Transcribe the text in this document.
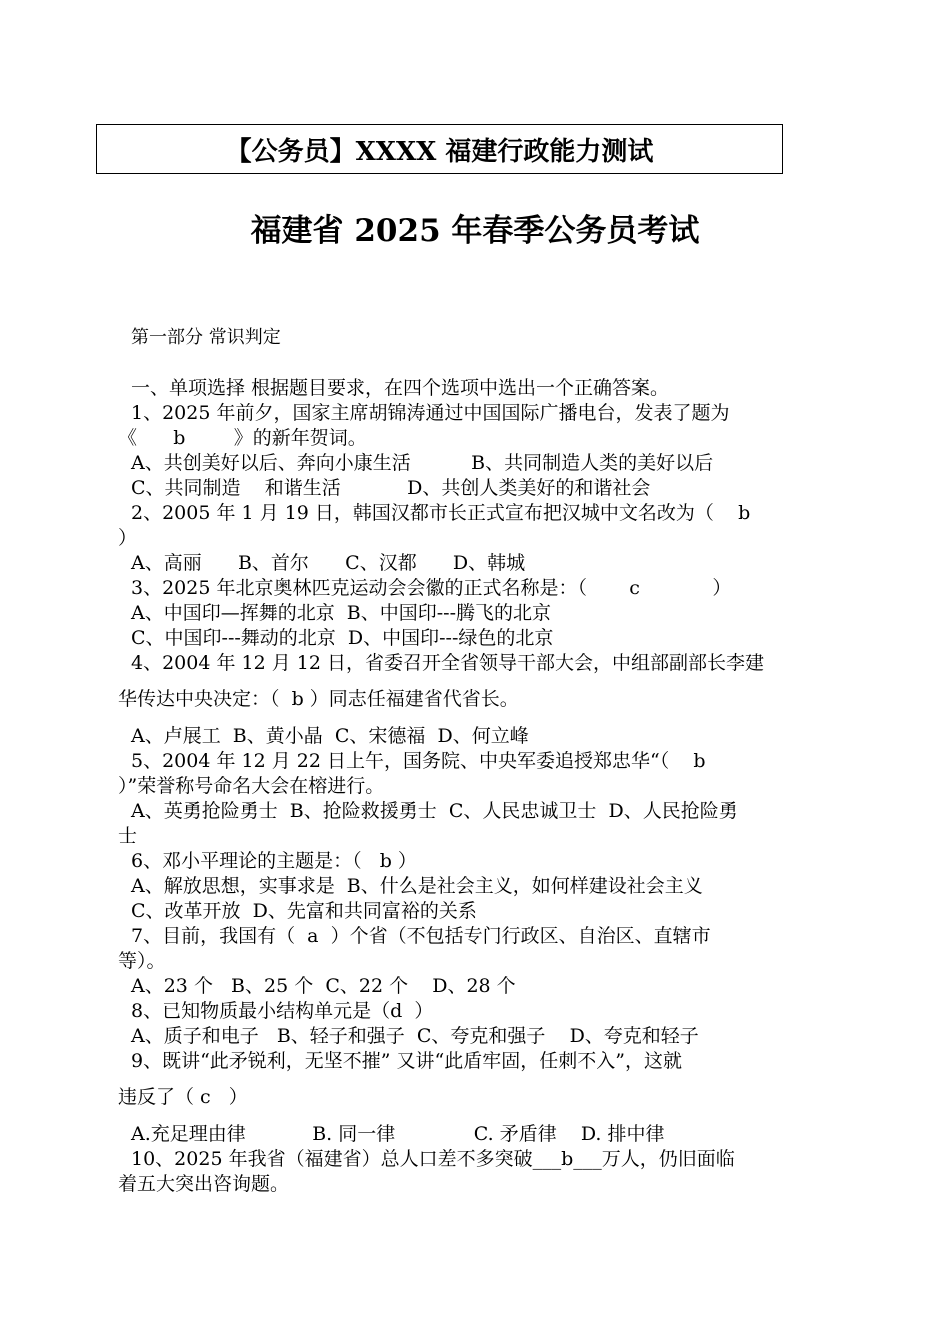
【公务员】XXXX 福建行政能力测试
福建省 2025 年春季公务员考试
第一部分 常识判定
一、单项选择 根据题目要求，在四个选项中选出一个正确答案。
1、2025 年前夕，国家主席胡锦涛通过中国国际广播电台，发表了题为
《      b        》的新年贺词。
A、共创美好以后、奔向小康生活          B、共同制造人类的美好以后
C、共同制造    和谐生活           D、共创人类美好的和谐社会
2、2005 年 1 月 19 日，韩国汉都市长正式宣布把汉城中文名改为（    b
）
A、高丽      B、首尔      C、汉都      D、韩城
3、2025 年北京奥林匹克运动会会徽的正式名称是：（       c            ）
A、中国印—挥舞的北京  B、中国印---腾飞的北京
C、中国印---舞动的北京  D、中国印---绿色的北京
4、2004 年 12 月 12 日，省委召开全省领导干部大会，中组部副部长李建
华传达中央决定：（  b ）同志任福建省代省长。
A、卢展工  B、黄小晶  C、宋德福  D、何立峰
5、2004 年 12 月 22 日上午，国务院、中央军委追授郑忠华“（    b
）”荣誉称号命名大会在榕进行。
A、英勇抢险勇士  B、抢险救援勇士  C、人民忠诚卫士  D、人民抢险勇
士
6、邓小平理论的主题是：（   b ）
A、解放思想，实事求是  B、什么是社会主义，如何样建设社会主义
C、改革开放  D、先富和共同富裕的关系
7、目前，我国有（  a  ）个省（不包括专门行政区、自治区、直辖市
等）。
A、23 个   B、25 个  C、22 个    D、28 个
8、已知物质最小结构单元是（d  ）
A、质子和电子   B、轻子和强子  C、夸克和强子    D、夸克和轻子
9、既讲“此矛锐利，无坚不摧” 又讲“此盾牢固，任刺不入”，这就
违反了（ c   ）
A.充足理由律           B. 同一律             C. 矛盾律    D. 排中律
10、2025 年我省（福建省）总人口差不多突破___b___万人，仍旧面临
着五大突出咨询题。
